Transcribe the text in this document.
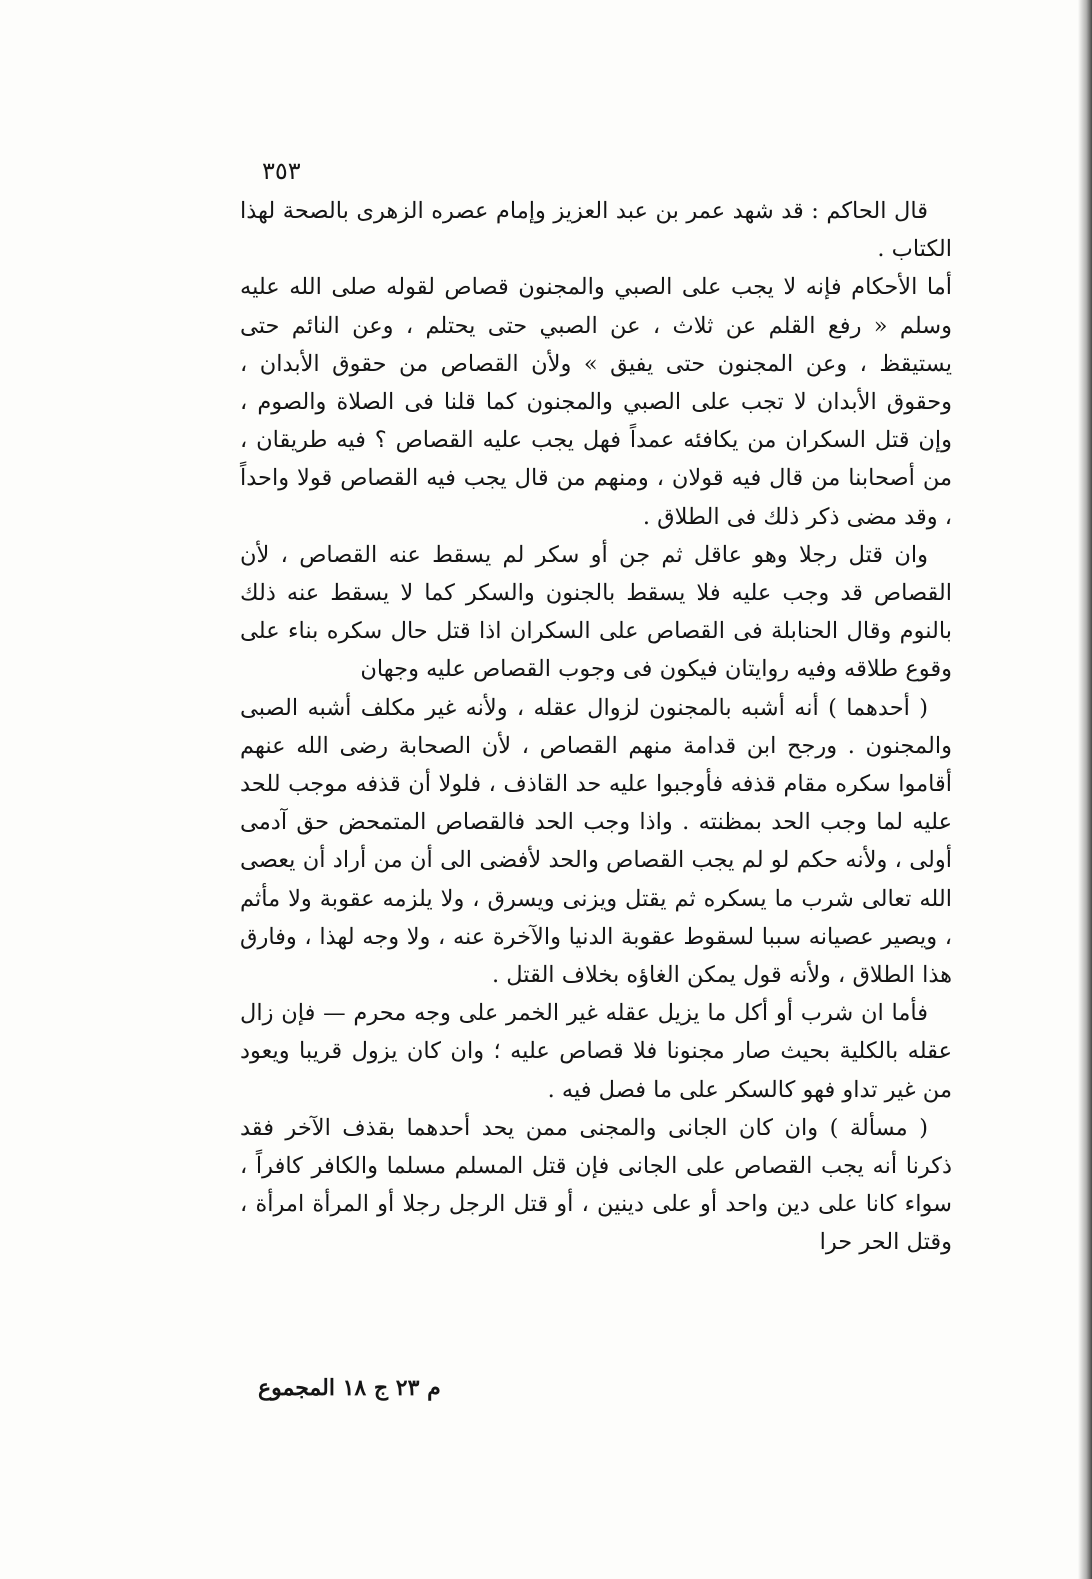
٣٥٣

قال الحاكم : قد شهد عمر بن عبد العزيز وإمام عصره الزهرى بالصحة لهذا الكتاب .

أما الأحكام فإنه لا يجب على الصبي والمجنون قصاص لقوله صلى الله عليه وسلم « رفع القلم عن ثلاث ، عن الصبي حتى يحتلم ، وعن النائم حتى يستيقظ ، وعن المجنون حتى يفيق » ولأن القصاص من حقوق الأبدان ، وحقوق الأبدان لا تجب على الصبي والمجنون كما قلنا فى الصلاة والصوم ، وإن قتل السكران من يكافئه عمداً فهل يجب عليه القصاص ؟ فيه طريقان ، من أصحابنا من قال فيه قولان ، ومنهم من قال يجب فيه القصاص قولا واحداً ، وقد مضى ذكر ذلك فى الطلاق .

وان قتل رجلا وهو عاقل ثم جن أو سكر لم يسقط عنه القصاص ، لأن القصاص قد وجب عليه فلا يسقط بالجنون والسكر كما لا يسقط عنه ذلك بالنوم وقال الحنابلة فى القصاص على السكران اذا قتل حال سكره بناء على وقوع طلاقه وفيه روايتان فيكون فى وجوب القصاص عليه وجهان

( أحدهما ) أنه أشبه بالمجنون لزوال عقله ، ولأنه غير مكلف أشبه الصبى والمجنون . ورجح ابن قدامة منهم القصاص ، لأن الصحابة رضى الله عنهم أقاموا سكره مقام قذفه فأوجبوا عليه حد القاذف ، فلولا أن قذفه موجب للحد عليه لما وجب الحد بمظنته . واذا وجب الحد فالقصاص المتمحض حق آدمى أولى ، ولأنه حكم لو لم يجب القصاص والحد لأفضى الى أن من أراد أن يعصى الله تعالى شرب ما يسكره ثم يقتل ويزنى ويسرق ، ولا يلزمه عقوبة ولا مأثم ، ويصير عصيانه سببا لسقوط عقوبة الدنيا والآخرة عنه ، ولا وجه لهذا ، وفارق هذا الطلاق ، ولأنه قول يمكن الغاؤه بخلاف القتل .

فأما ان شرب أو أكل ما يزيل عقله غير الخمر على وجه محرم — فإن زال عقله بالكلية بحيث صار مجنونا فلا قصاص عليه ؛ وان كان يزول قريبا ويعود من غير تداو فهو كالسكر على ما فصل فيه .

( مسألة ) وان كان الجانى والمجنى ممن يحد أحدهما بقذف الآخر فقد ذكرنا أنه يجب القصاص على الجانى فإن قتل المسلم مسلما والكافر كافراً ، سواء كانا على دين واحد أو على دينين ، أو قتل الرجل رجلا أو المرأة امرأة ، وقتل الحر حرا

م ٢٣ ج ١٨ المجموع
